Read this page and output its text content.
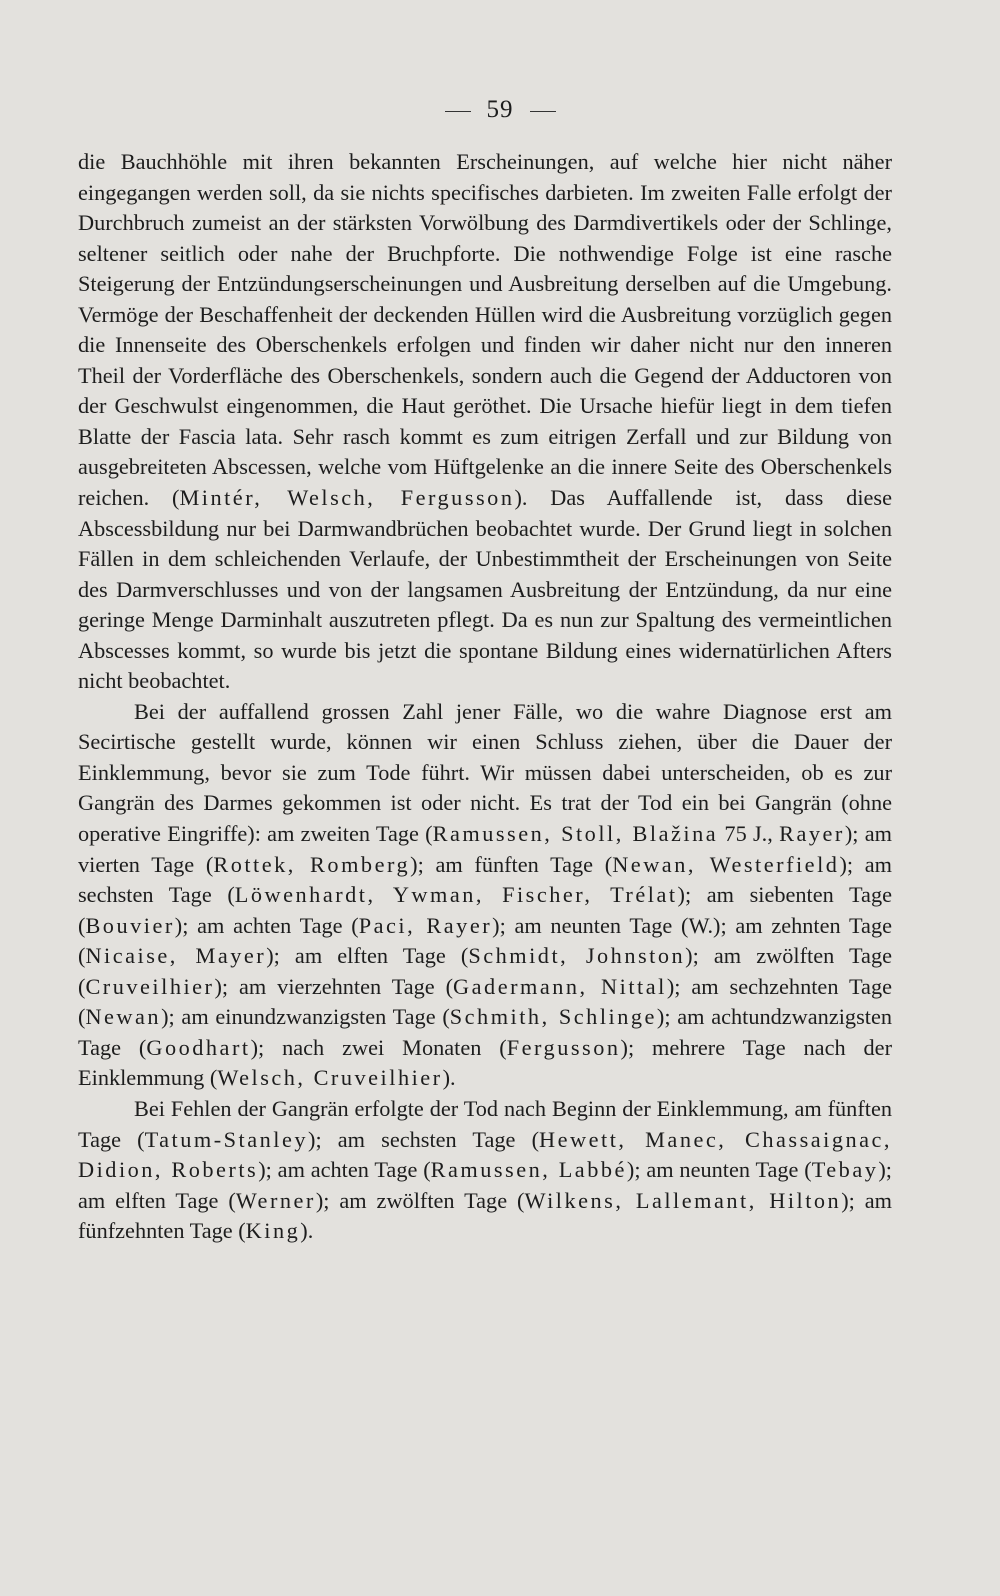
59

die Bauchhöhle mit ihren bekannten Erscheinungen, auf welche hier nicht näher eingegangen werden soll, da sie nichts specifisches darbieten. Im zweiten Falle erfolgt der Durchbruch zumeist an der stärksten Vorwölbung des Darmdivertikels oder der Schlinge, seltener seitlich oder nahe der Bruchpforte. Die nothwendige Folge ist eine rasche Steigerung der Entzündungserscheinungen und Ausbreitung derselben auf die Umgebung. Vermöge der Beschaffenheit der deckenden Hüllen wird die Ausbreitung vorzüglich gegen die Innenseite des Oberschenkels erfolgen und finden wir daher nicht nur den inneren Theil der Vorderfläche des Oberschenkels, sondern auch die Gegend der Adductoren von der Geschwulst eingenommen, die Haut geröthet. Die Ursache hiefür liegt in dem tiefen Blatte der Fascia lata. Sehr rasch kommt es zum eitrigen Zerfall und zur Bildung von ausgebreiteten Abscessen, welche vom Hüftgelenke an die innere Seite des Oberschenkels reichen. (Mintér, Welsch, Fergusson). Das Auffallende ist, dass diese Abscessbildung nur bei Darmwandbrüchen beobachtet wurde. Der Grund liegt in solchen Fällen in dem schleichenden Verlaufe, der Unbestimmtheit der Erscheinungen von Seite des Darmverschlusses und von der langsamen Ausbreitung der Entzündung, da nur eine geringe Menge Darminhalt auszutreten pflegt. Da es nun zur Spaltung des vermeintlichen Abscesses kommt, so wurde bis jetzt die spontane Bildung eines widernatürlichen Afters nicht beobachtet.

Bei der auffallend grossen Zahl jener Fälle, wo die wahre Diagnose erst am Secirtische gestellt wurde, können wir einen Schluss ziehen, über die Dauer der Einklemmung, bevor sie zum Tode führt. Wir müssen dabei unterscheiden, ob es zur Gangrän des Darmes gekommen ist oder nicht. Es trat der Tod ein bei Gangrän (ohne operative Eingriffe): am zweiten Tage (Ramussen, Stoll, Blažina 75 J., Rayer); am vierten Tage (Rottek, Romberg); am fünften Tage (Newan, Westerfield); am sechsten Tage (Löwenhardt, Ywman, Fischer, Trélat); am siebenten Tage (Bouvier); am achten Tage (Paci, Rayer); am neunten Tage (W.); am zehnten Tage (Nicaise, Mayer); am elften Tage (Schmidt, Johnston); am zwölften Tage (Cruveilhier); am vierzehnten Tage (Gadermann, Nittal); am sechzehnten Tage (Newan); am einundzwanzigsten Tage (Schmith, Schlinge); am achtundzwanzigsten Tage (Goodhart); nach zwei Monaten (Fergusson); mehrere Tage nach der Einklemmung (Welsch, Cruveilhier).

Bei Fehlen der Gangrän erfolgte der Tod nach Beginn der Einklemmung, am fünften Tage (Tatum-Stanley); am sechsten Tage (Hewett, Manec, Chassaignac, Didion, Roberts); am achten Tage (Ramussen, Labbé); am neunten Tage (Tebay); am elften Tage (Werner); am zwölften Tage (Wilkens, Lallemant, Hilton); am fünfzehnten Tage (King).
